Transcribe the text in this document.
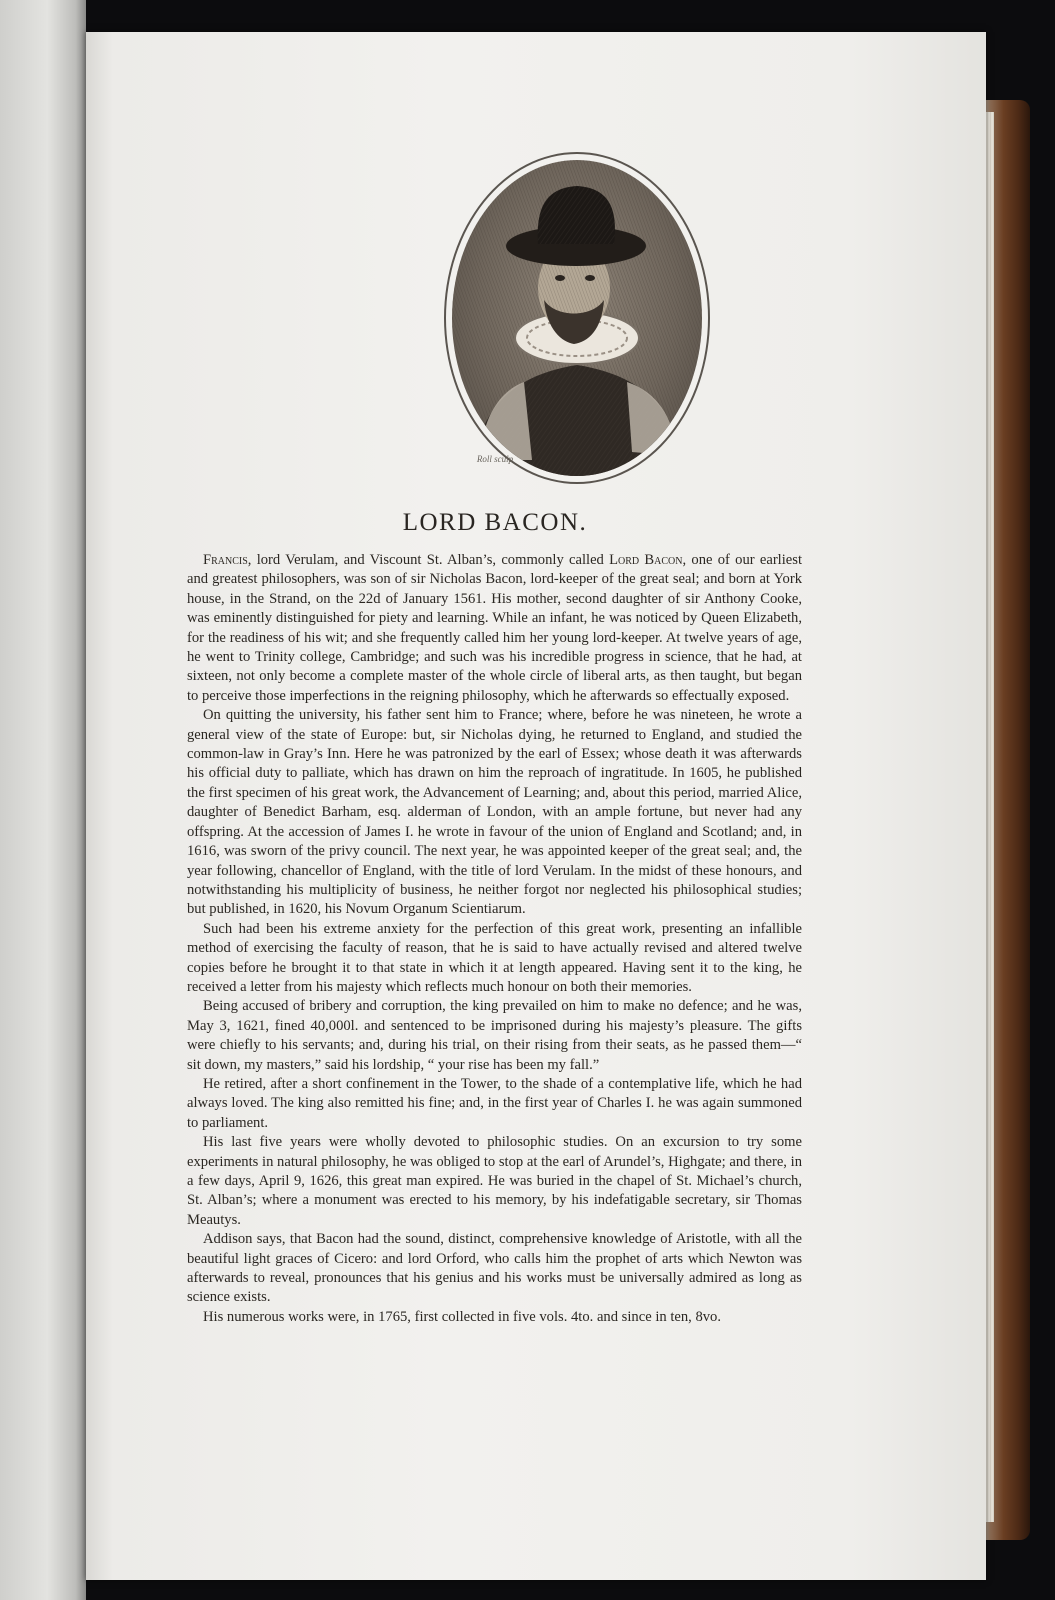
Roll sculp
LORD BACON.

Francis, lord Verulam, and Viscount St. Alban’s, commonly called Lord Bacon, one of our earliest and greatest philosophers, was son of sir Nicholas Bacon, lord-keeper of the great seal; and born at York house, in the Strand, on the 22d of January 1561. His mother, second daughter of sir Anthony Cooke, was eminently distinguished for piety and learning. While an infant, he was noticed by Queen Elizabeth, for the readiness of his wit; and she frequently called him her young lord-keeper. At twelve years of age, he went to Trinity college, Cambridge; and such was his incredible progress in science, that he had, at sixteen, not only become a complete master of the whole circle of liberal arts, as then taught, but began to perceive those imperfections in the reigning philosophy, which he afterwards so effectually exposed.

On quitting the university, his father sent him to France; where, before he was nineteen, he wrote a general view of the state of Europe: but, sir Nicholas dying, he returned to England, and studied the common-law in Gray’s Inn. Here he was patronized by the earl of Essex; whose death it was afterwards his official duty to palliate, which has drawn on him the reproach of ingratitude. In 1605, he published the first specimen of his great work, the Advancement of Learning; and, about this period, married Alice, daughter of Benedict Barham, esq. alderman of London, with an ample fortune, but never had any offspring. At the accession of James I. he wrote in favour of the union of England and Scotland; and, in 1616, was sworn of the privy council. The next year, he was appointed keeper of the great seal; and, the year following, chancellor of England, with the title of lord Verulam. In the midst of these honours, and notwithstanding his multiplicity of business, he neither forgot nor neglected his philosophical studies; but published, in 1620, his Novum Organum Scientiarum.

Such had been his extreme anxiety for the perfection of this great work, presenting an infallible method of exercising the faculty of reason, that he is said to have actually revised and altered twelve copies before he brought it to that state in which it at length appeared. Having sent it to the king, he received a letter from his majesty which reflects much honour on both their memories.

Being accused of bribery and corruption, the king prevailed on him to make no defence; and he was, May 3, 1621, fined 40,000l. and sentenced to be imprisoned during his majesty’s pleasure. The gifts were chiefly to his servants; and, during his trial, on their rising from their seats, as he passed them—“ sit down, my masters,” said his lordship, “ your rise has been my fall.”

He retired, after a short confinement in the Tower, to the shade of a contemplative life, which he had always loved. The king also remitted his fine; and, in the first year of Charles I. he was again summoned to parliament.

His last five years were wholly devoted to philosophic studies. On an excursion to try some experiments in natural philosophy, he was obliged to stop at the earl of Arundel’s, Highgate; and there, in a few days, April 9, 1626, this great man expired. He was buried in the chapel of St. Michael’s church, St. Alban’s; where a monument was erected to his memory, by his indefatigable secretary, sir Thomas Meautys.

Addison says, that Bacon had the sound, distinct, comprehensive knowledge of Aristotle, with all the beautiful light graces of Cicero: and lord Orford, who calls him the prophet of arts which Newton was afterwards to reveal, pronounces that his genius and his works must be universally admired as long as science exists.

His numerous works were, in 1765, first collected in five vols. 4to. and since in ten, 8vo.
